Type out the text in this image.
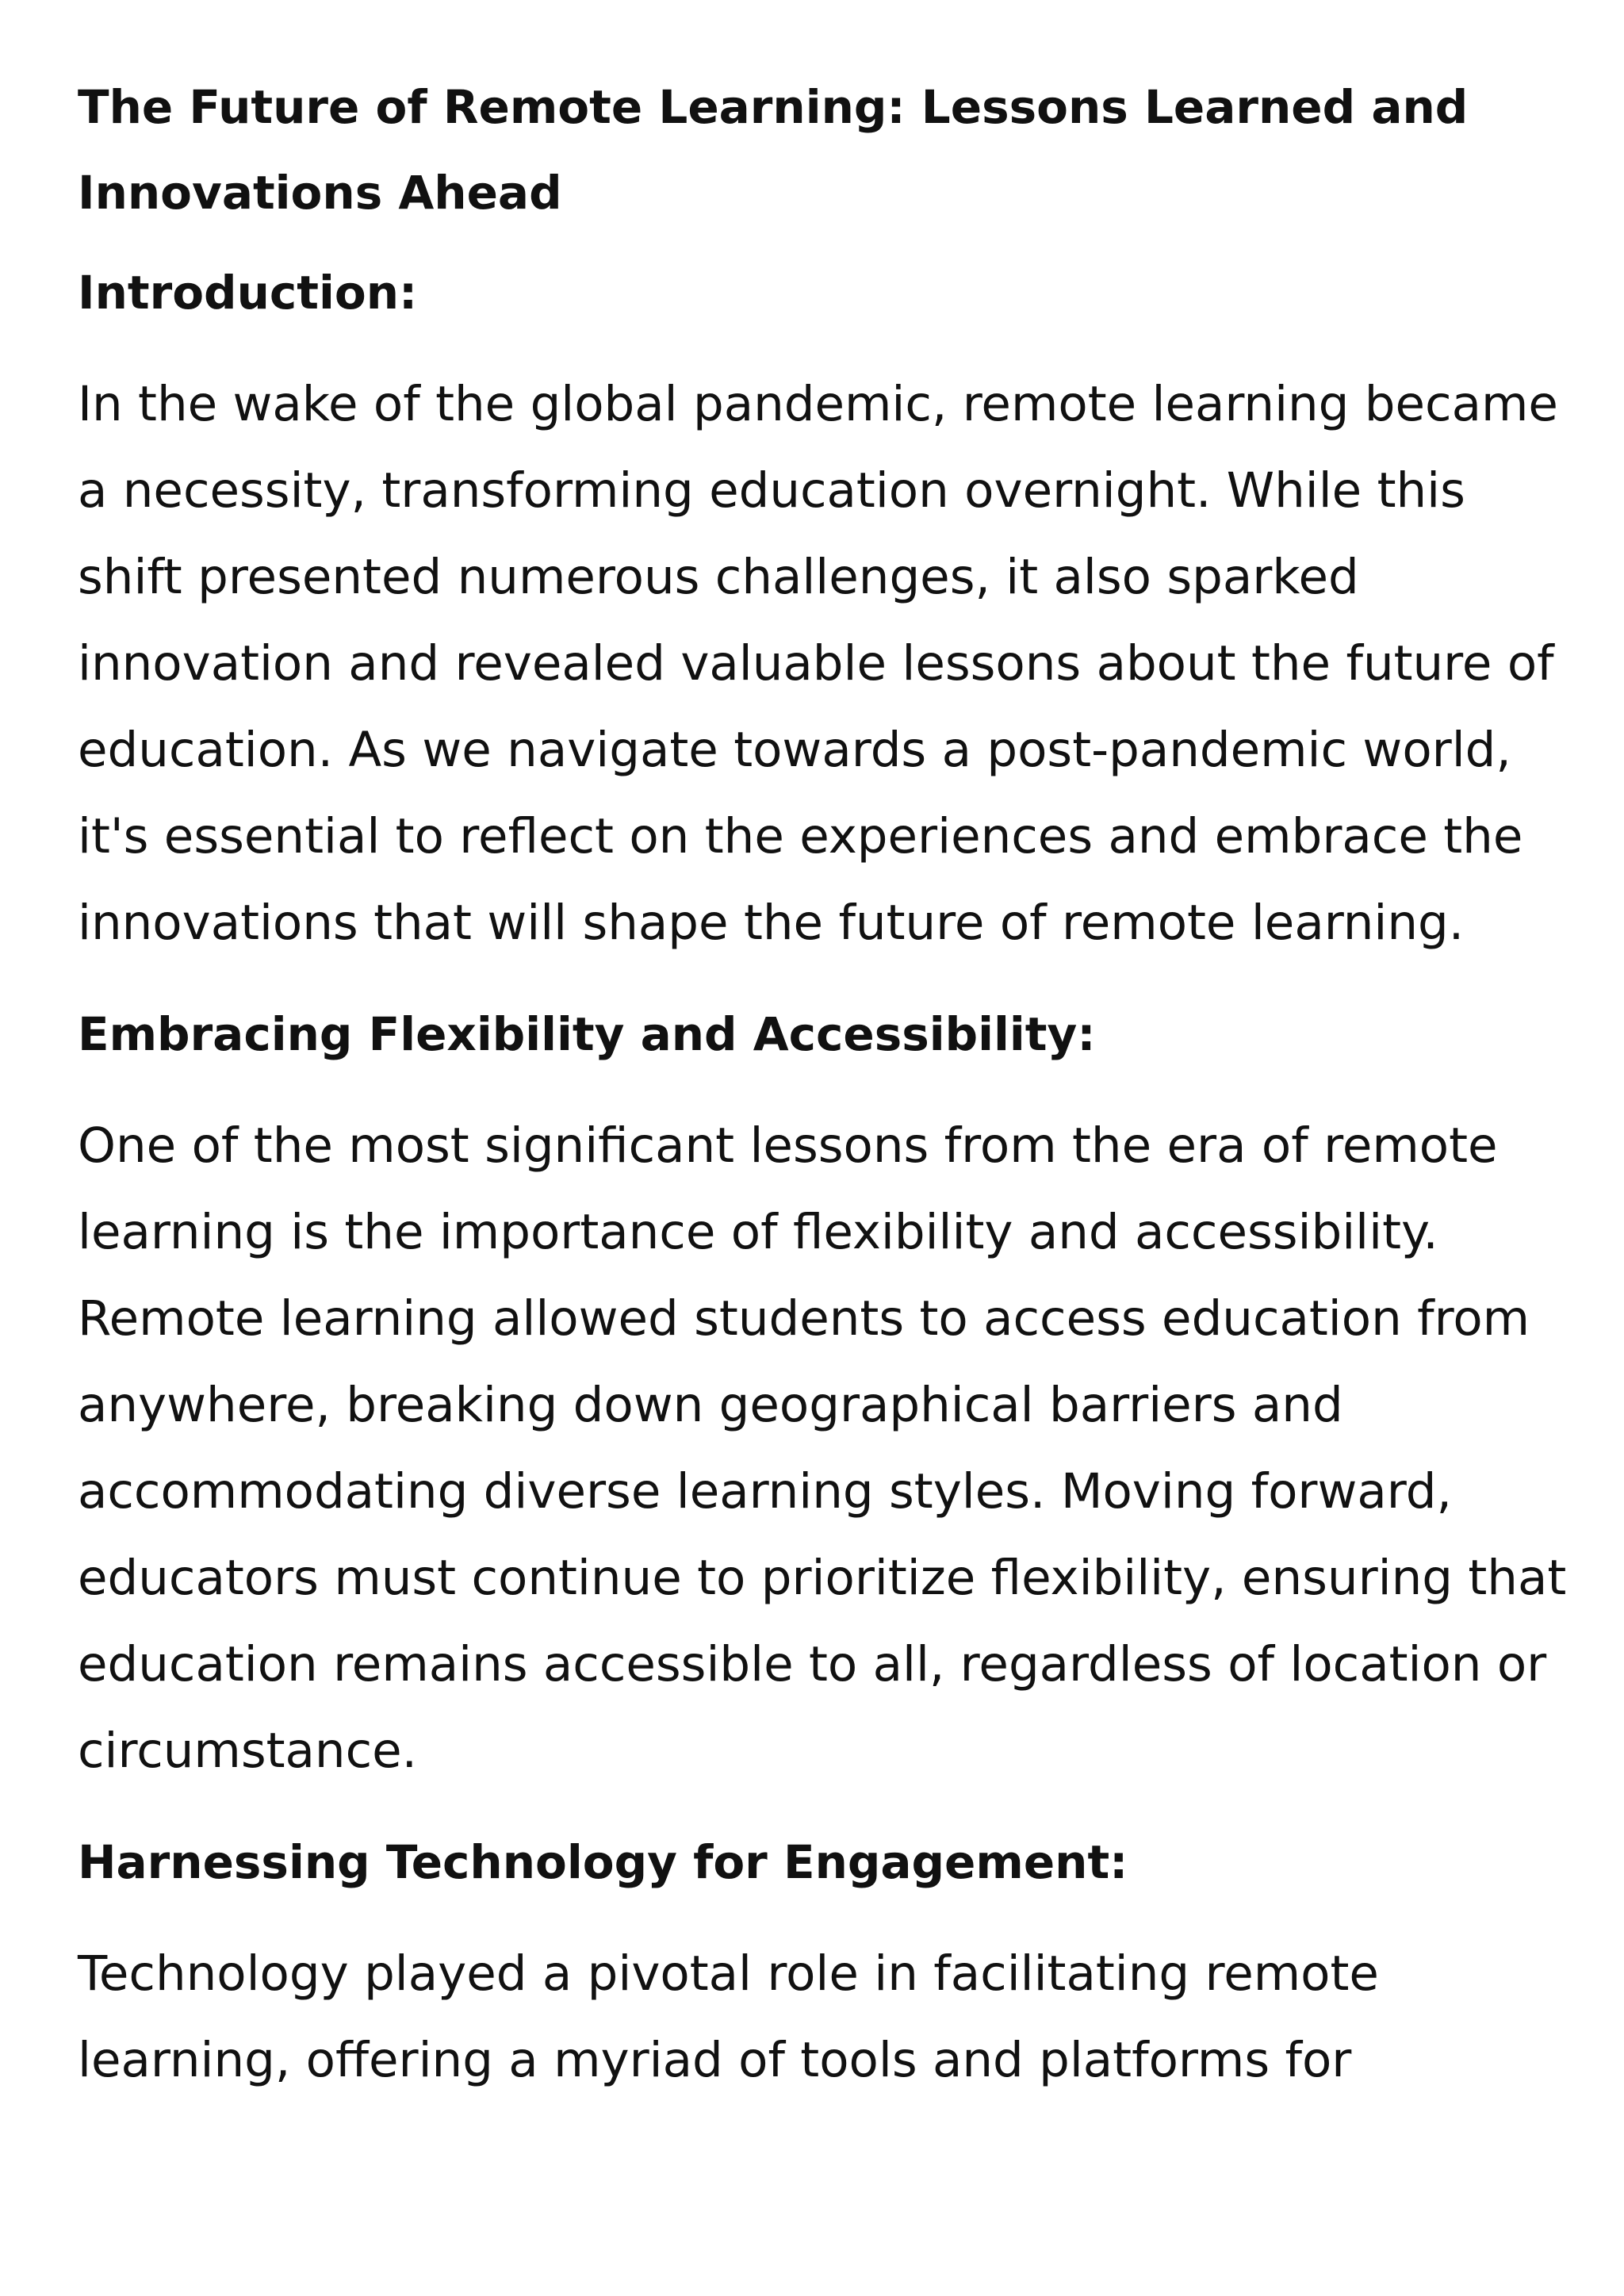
The Future of Remote Learning: Lessons Learned and Innovations Ahead
Introduction:

In the wake of the global pandemic, remote learning became a necessity, transforming education overnight. While this shift presented numerous challenges, it also sparked innovation and revealed valuable lessons about the future of education. As we navigate towards a post-pandemic world, it's essential to reflect on the experiences and embrace the innovations that will shape the future of remote learning.

Embracing Flexibility and Accessibility:

One of the most significant lessons from the era of remote learning is the importance of flexibility and accessibility. Remote learning allowed students to access education from anywhere, breaking down geographical barriers and accommodating diverse learning styles. Moving forward, educators must continue to prioritize flexibility, ensuring that education remains accessible to all, regardless of location or circumstance.

Harnessing Technology for Engagement:

Technology played a pivotal role in facilitating remote learning, offering a myriad of tools and platforms for
